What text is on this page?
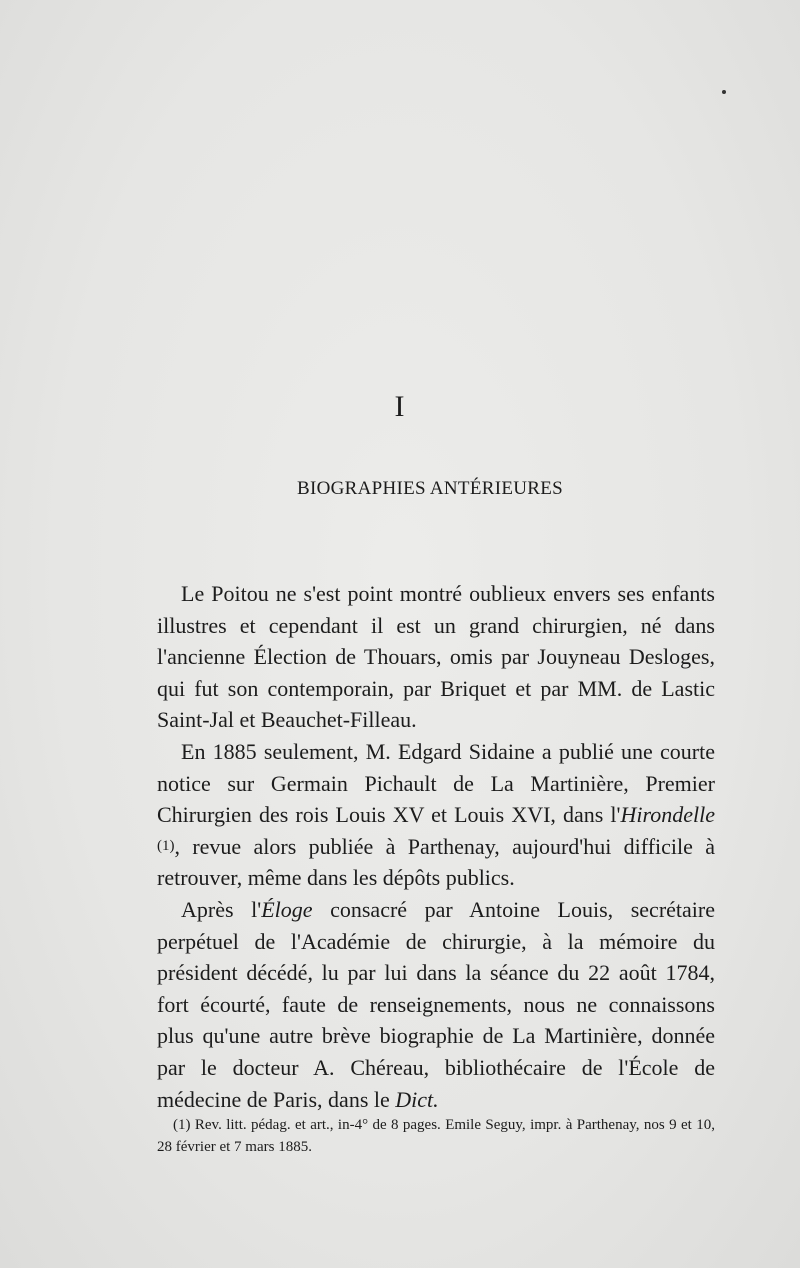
I
BIOGRAPHIES ANTÉRIEURES

Le Poitou ne s'est point montré oublieux envers ses enfants illustres et cependant il est un grand chirurgien, né dans l'ancienne Élection de Thouars, omis par Jouyneau Desloges, qui fut son contemporain, par Briquet et par MM. de Lastic Saint-Jal et Beauchet-Filleau.

En 1885 seulement, M. Edgard Sidaine a publié une courte notice sur Germain Pichault de La Martinière, Premier Chirurgien des rois Louis XV et Louis XVI, dans l'Hirondelle (1), revue alors publiée à Parthenay, aujourd'hui difficile à retrouver, même dans les dépôts publics.

Après l'Éloge consacré par Antoine Louis, secrétaire perpétuel de l'Académie de chirurgie, à la mémoire du président décédé, lu par lui dans la séance du 22 août 1784, fort écourté, faute de renseignements, nous ne connaissons plus qu'une autre brève biographie de La Martinière, donnée par le docteur A. Chéreau, bibliothécaire de l'École de médecine de Paris, dans le Dict.

(1) Rev. litt. pédag. et art., in-4° de 8 pages. Emile Seguy, impr. à Parthenay, nos 9 et 10, 28 février et 7 mars 1885.
